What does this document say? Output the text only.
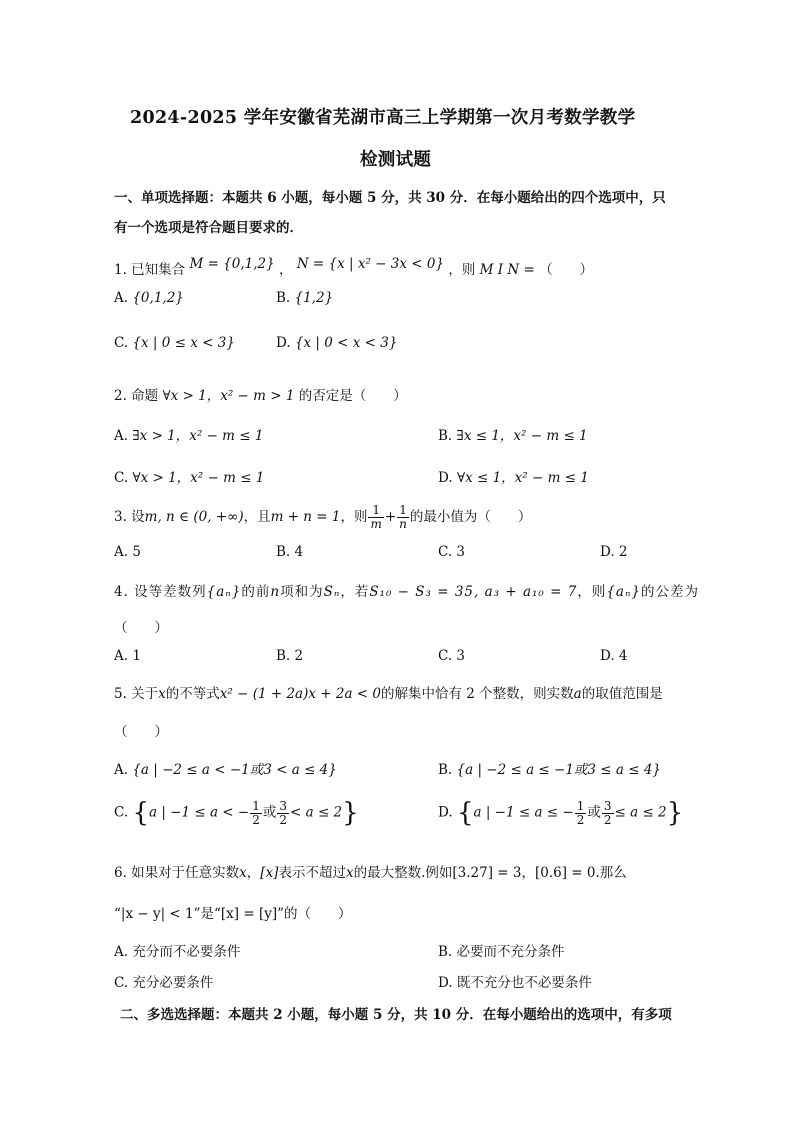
2024-2025 学年安徽省芜湖市高三上学期第一次月考数学教学
检测试题
一、单项选择题：本题共 6 小题，每小题 5 分，共 30 分．在每小题给出的四个选项中，只
有一个选项是符合题目要求的．
1. 已知集合 M = {0,1,2} ， N = {x | x² − 3x < 0} ，则 M I N = （　　）
A. {0,1,2}	B. {1,2}
C. {x | 0 ≤ x < 3}	D. {x | 0 < x < 3}
2. 命题 ∀x > 1，x² − m > 1 的否定是（　　）
A. ∃x > 1，x² − m ≤ 1	B. ∃x ≤ 1，x² − m ≤ 1
C. ∀x > 1，x² − m ≤ 1	D. ∀x ≤ 1，x² − m ≤ 1
3. 设m, n ∈ (0, +∞)，且m + n = 1，则 $\frac{1}{m} + \frac{1}{n}$ 的最小值为（　　）
A. 5	B. 4	C. 3	D. 2
4. 设等差数列{aₙ}的前n项和为Sₙ，若S₁₀ − S₃ = 35, a₃ + a₁₀ = 7，则{aₙ}的公差为
（　　）
A. 1	B. 2	C. 3	D. 4
5. 关于x的不等式x² − (1 + 2a)x + 2a < 0的解集中恰有 2 个整数，则实数a的取值范围是
（　　）
A. {a | −2 ≤ a < −1或3 < a ≤ 4}	B. {a | −2 ≤ a ≤ −1或3 ≤ a ≤ 4}
C. {a | −1 ≤ a < − $\frac{1}{2}$ 或 $\frac{3}{2} < a \le 2$}	D. {a | −1 ≤ a ≤ − $\frac{1}{2}$ 或 $\frac{3}{2} \le a \le 2$}
6. 如果对于任意实数x，[x]表示不超过x的最大整数.例如[3.27] = 3，[0.6] = 0.那么
“|x − y| < 1”是“[x] = [y]”的（　　）
A. 充分而不必要条件	B. 必要而不充分条件
C. 充分必要条件	D. 既不充分也不必要条件
二、多选选择题：本题共 2 小题，每小题 5 分，共 10 分．在每小题给出的选项中，有多项
